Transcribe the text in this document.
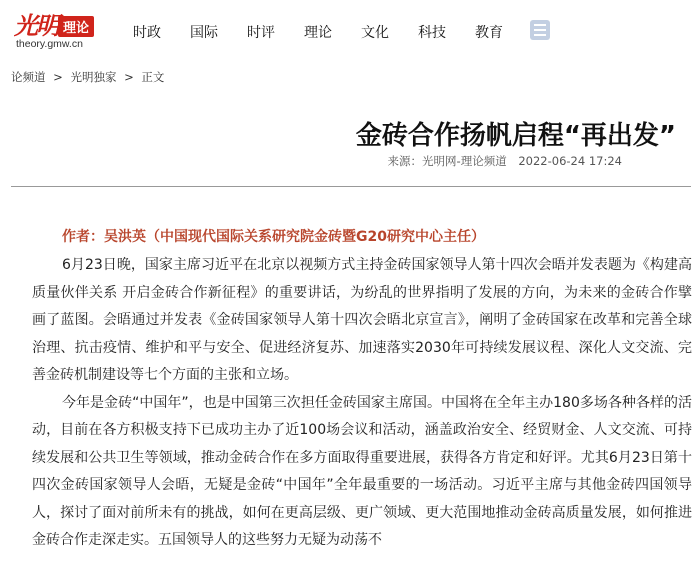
光明 理论
theory.gmw.cn
时政 国际 时评 理论 文化 科技 教育
论频道 > 光明独家 > 正文
金砖合作扬帆启程“再出发”
来源：光明网-理论频道 2022-06-24 17:24
作者：吴洪英（中国现代国际关系研究院金砖暨G20研究中心主任）

6月23日晚，国家主席习近平在北京以视频方式主持金砖国家领导人第十四次会晤并发表题为《构建高质量伙伴关系 开启金砖合作新征程》的重要讲话，为纷乱的世界指明了发展的方向，为未来的金砖合作擘画了蓝图。会晤通过并发表《金砖国家领导人第十四次会晤北京宣言》，阐明了金砖国家在改革和完善全球治理、抗击疫情、维护和平与安全、促进经济复苏、加速落实2030年可持续发展议程、深化人文交流、完善金砖机制建设等七个方面的主张和立场。

今年是金砖“中国年”，也是中国第三次担任金砖国家主席国。中国将在全年主办180多场各种各样的活动，目前在各方积极支持下已成功主办了近100场会议和活动，涵盖政治安全、经贸财金、人文交流、可持续发展和公共卫生等领域，推动金砖合作在多方面取得重要进展，获得各方肯定和好评。尤其6月23日第十四次金砖国家领导人会晤，无疑是金砖“中国年”全年最重要的一场活动。习近平主席与其他金砖四国领导人，探讨了面对前所未有的挑战，如何在更高层级、更广领域、更大范围地推动金砖高质量发展，如何推进金砖合作走深走实。五国领导人的这些努力无疑为动荡不
